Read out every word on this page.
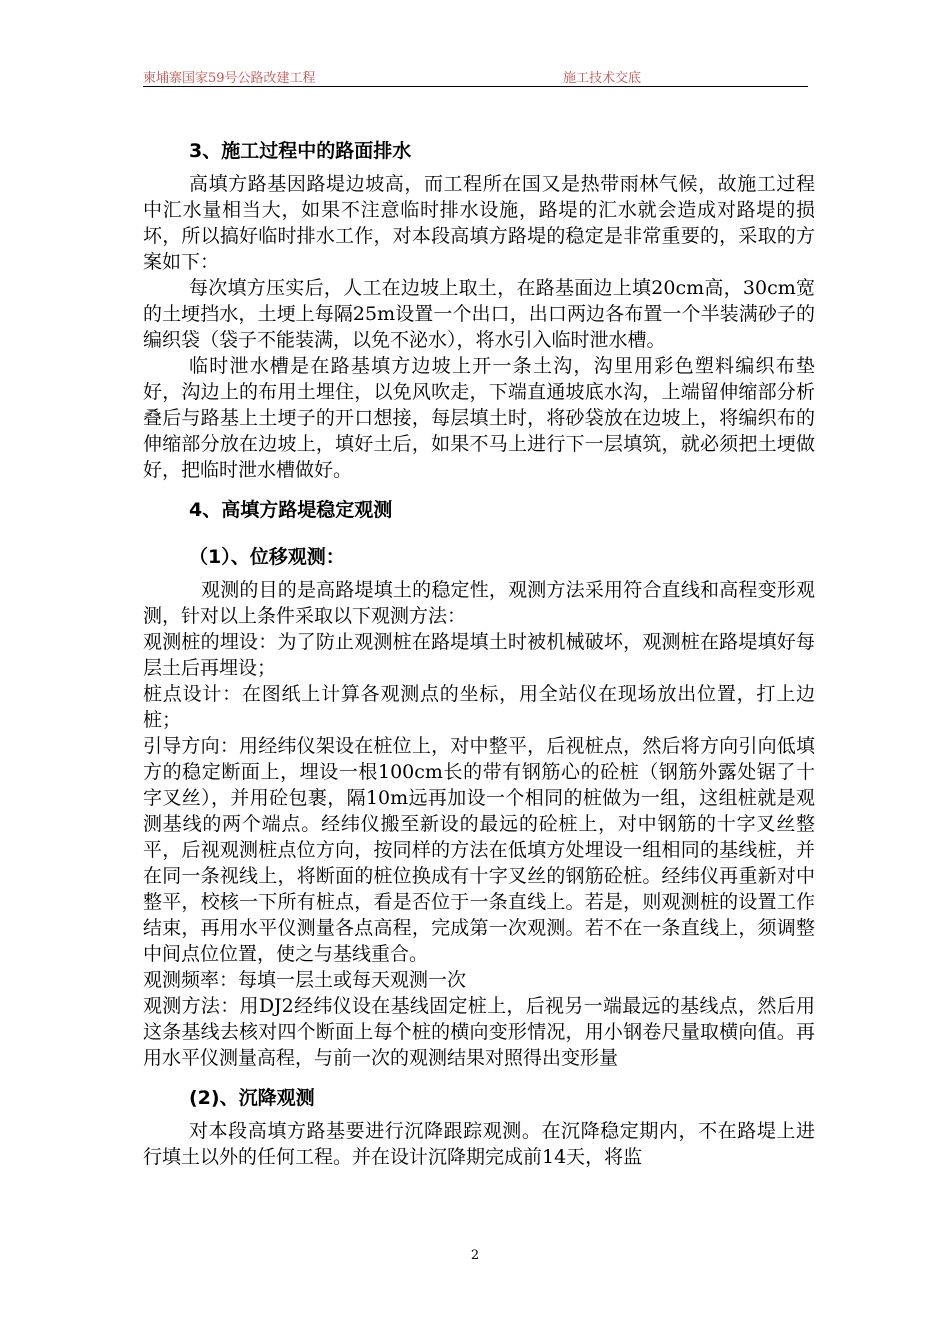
柬埔寨国家59号公路改建工程	施工技术交底

3、施工过程中的路面排水

高填方路基因路堤边坡高，而工程所在国又是热带雨林气候，故施工过程中汇水量相当大，如果不注意临时排水设施，路堤的汇水就会造成对路堤的损坏，所以搞好临时排水工作，对本段高填方路堤的稳定是非常重要的，采取的方案如下：

每次填方压实后，人工在边坡上取土，在路基面边上填20cm高，30cm宽的土埂挡水，土埂上每隔25m设置一个出口，出口两边各布置一个半装满砂子的编织袋（袋子不能装满，以免不泌水），将水引入临时泄水槽。

临时泄水槽是在路基填方边坡上开一条土沟，沟里用彩色塑料编织布垫好，沟边上的布用土埋住，以免风吹走，下端直通坡底水沟，上端留伸缩部分析叠后与路基上土埂子的开口想接，每层填土时，将砂袋放在边坡上，将编织布的伸缩部分放在边坡上，填好土后，如果不马上进行下一层填筑，就必须把土埂做好，把临时泄水槽做好。

4、高填方路堤稳定观测

（1）、位移观测：

观测的目的是高路堤填土的稳定性，观测方法采用符合直线和高程变形观测，针对以上条件采取以下观测方法：

观测桩的埋设：为了防止观测桩在路堤填土时被机械破坏，观测桩在路堤填好每层土后再埋设；

桩点设计：在图纸上计算各观测点的坐标，用全站仪在现场放出位置，打上边桩；

引导方向：用经纬仪架设在桩位上，对中整平，后视桩点，然后将方向引向低填方的稳定断面上，埋设一根100cm长的带有钢筋心的砼桩（钢筋外露处锯了十字叉丝），并用砼包裹，隔10m远再加设一个相同的桩做为一组，这组桩就是观测基线的两个端点。经纬仪搬至新设的最远的砼桩上，对中钢筋的十字叉丝整平，后视观测桩点位方向，按同样的方法在低填方处埋设一组相同的基线桩，并在同一条视线上，将断面的桩位换成有十字叉丝的钢筋砼桩。经纬仪再重新对中整平，校核一下所有桩点，看是否位于一条直线上。若是，则观测桩的设置工作结束，再用水平仪测量各点高程，完成第一次观测。若不在一条直线上，须调整中间点位位置，使之与基线重合。

观测频率：每填一层土或每天观测一次

观测方法：用DJ2经纬仪设在基线固定桩上，后视另一端最远的基线点，然后用这条基线去核对四个断面上每个桩的横向变形情况，用小钢卷尺量取横向值。再用水平仪测量高程，与前一次的观测结果对照得出变形量

(2)、沉降观测

对本段高填方路基要进行沉降跟踪观测。在沉降稳定期内，不在路堤上进行填土以外的任何工程。并在设计沉降期完成前14天，将监

2
